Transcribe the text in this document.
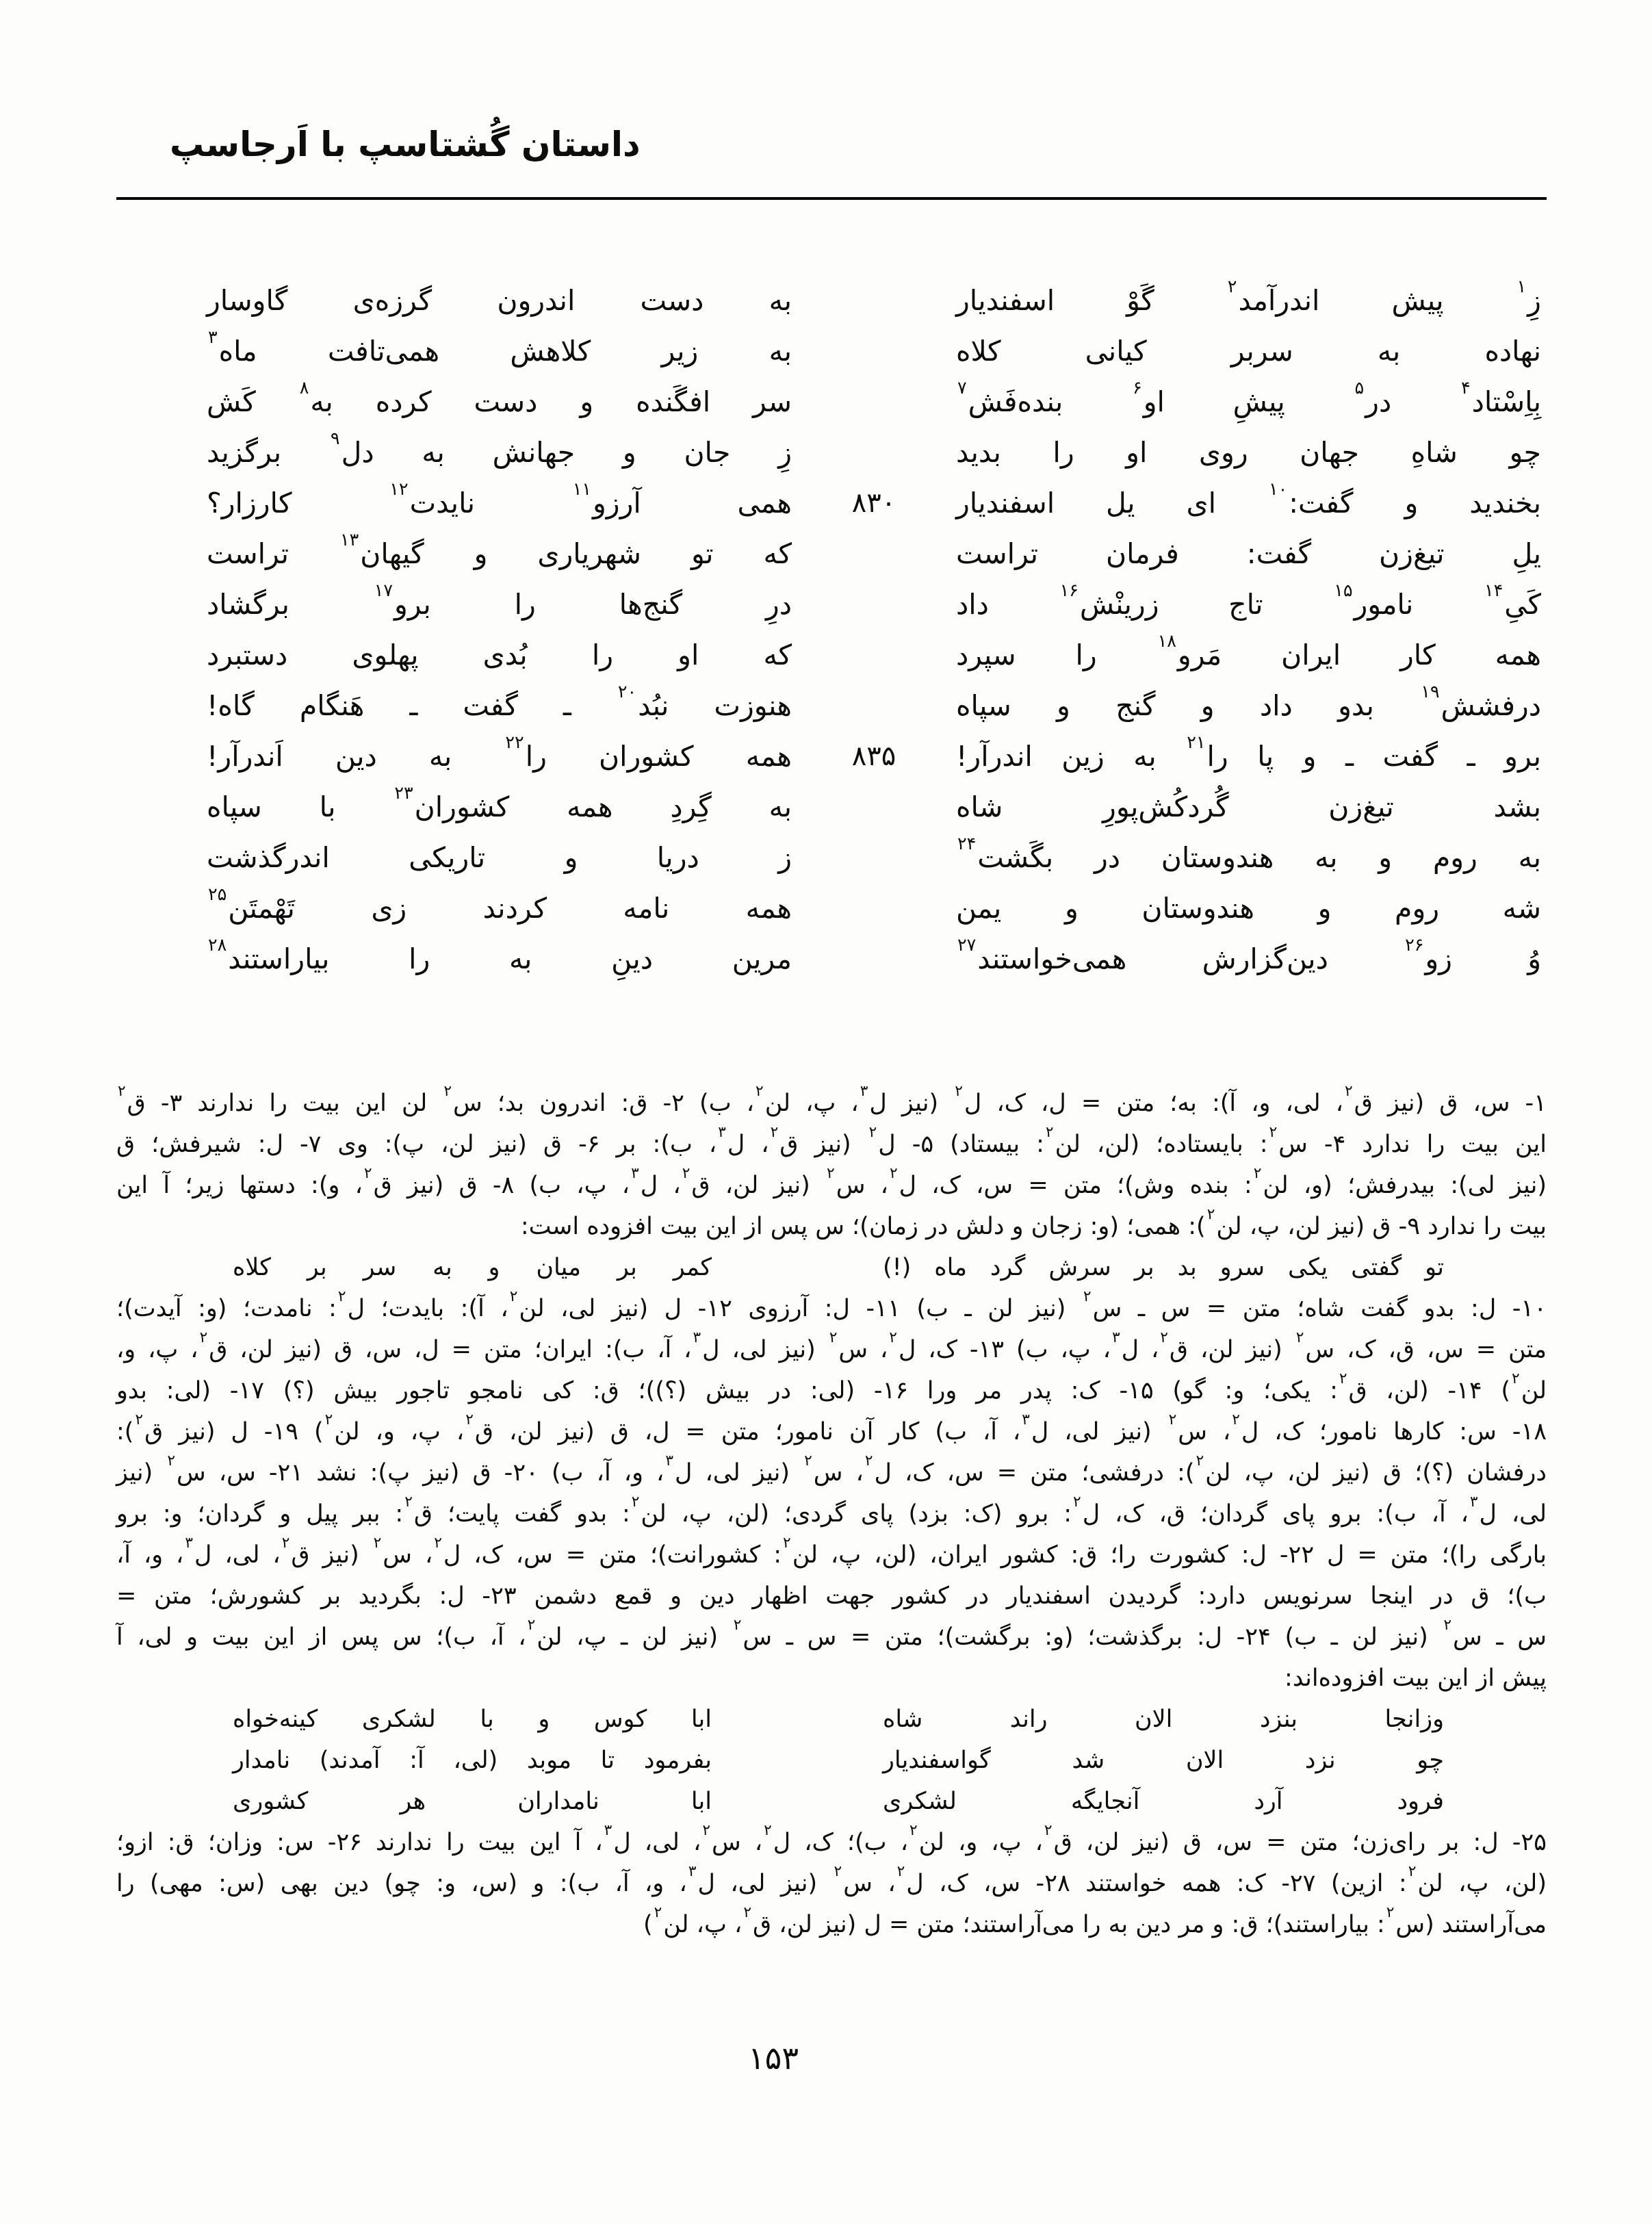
داستان گُشتاسپ با اَرجاسپ
زِ$^۱$ پیش اندرآمد$^۲$ گَوْ اسفندیار
به دست اندرون گرزه‌ی گاوسار
نهاده به سربر کیانی کلاه
به زیر کلاهش همی‌تافت ماه$^۳$
بِاِسْتاد$^۴$ در$^۵$ پیشِ او$^۶$ بنده‌فَش$^۷$
سر افگَنده و دست کرده به$^۸$ کَش
چو شاهِ جهان روی او را بدید
زِ جان و جهانش به دل$^۹$ برگزید
بخندید و گفت:$^{۱۰}$ ای یل اسفندیار
۸۳۰
همی آرزو$^{۱۱}$ نایدت$^{۱۲}$ کارزار؟
یلِ تیغ‌زن گفت: فرمان تراست
که تو شهریاری و گیهان$^{۱۳}$ تراست
کَیِ$^{۱۴}$ نامور$^{۱۵}$ تاج زرینْش$^{۱۶}$ داد
درِ گنج‌ها را برو$^{۱۷}$ برگشاد
همه کار ایران مَرو$^{۱۸}$ را سپرد
که او را بُدی پهلوی دستبرد
درفشش$^{۱۹}$ بدو داد و گنج و سپاه
هنوزت نبُد$^{۲۰}$ ـ گفت ـ هَنگام گاه!
برو ـ گفت ـ و پا را$^{۲۱}$ به زین اندرآر!
۸۳۵
همه کشوران را$^{۲۲}$ به دین اَندرآر!
بشد تیغ‌زن گُردکُش‌پورِ شاه
به گِردِ همه کشوران$^{۲۳}$ با سپاه
به روم و به هندوستان در بگَشت$^{۲۴}$
ز دریا و تاریکی اندرگذشت
شه روم و هندوستان و یمن
همه نامه کردند زی تَهْمتَن$^{۲۵}$
وُ زو$^{۲۶}$ دین‌گزارش همی‌خواستند$^{۲۷}$
مرین دینِ به را بیاراستند$^{۲۸}$
۱- س، ق (نیز ق$^۲$، لی، و، آ): به؛ متن = ل، ک، ل$^۲$ (نیز ل$^۳$، پ، لن$^۲$، ب) ۲- ق: اندرون بد؛ س$^۲$ لن این بیت را ندارند ۳- ق$^۲$
این بیت را ندارد ۴- س$^۲$: بایستاده؛ (لن، لن$^۲$: بیستاد) ۵- ل$^۲$ (نیز ق$^۲$، ل$^۳$، ب): بر ۶- ق (نیز لن، پ): وی ۷- ل: شیرفش؛ ق
(نیز لی): بیدرفش؛ (و، لن$^۲$: بنده وش)؛ متن = س، ک، ل$^۲$، س$^۲$ (نیز لن، ق$^۲$، ل$^۳$، پ، ب) ۸- ق (نیز ق$^۲$، و): دستها زیر؛ آ این
بیت را ندارد ۹- ق (نیز لن، پ، لن$^۲$): همی؛ (و: زجان و دلش در زمان)؛ س پس از این بیت افزوده است:
تو گفتی یکی سرو بد بر سرش گرد ماه (!)
کمر بر میان و به سر بر کلاه
۱۰- ل: بدو گفت شاه؛ متن = س ـ س$^۲$ (نیز لن ـ ب) ۱۱- ل: آرزوی ۱۲- ل (نیز لی، لن$^۲$، آ): بایدت؛ ل$^۲$: نامدت؛ (و: آیدت)؛
متن = س، ق، ک، س$^۲$ (نیز لن، ق$^۲$، ل$^۳$، پ، ب) ۱۳- ک، ل$^۲$، س$^۲$ (نیز لی، ل$^۳$، آ، ب): ایران؛ متن = ل، س، ق (نیز لن، ق$^۲$، پ، و،
لن$^۲$) ۱۴- (لن، ق$^۲$: یکی؛ و: گو) ۱۵- ک: پدر مر ورا ۱۶- (لی: در بیش (؟))؛ ق: کی نامجو تاجور بیش (؟) ۱۷- (لی: بدو
۱۸- س: کارها نامور؛ ک، ل$^۲$، س$^۲$ (نیز لی، ل$^۳$، آ، ب) کار آن نامور؛ متن = ل، ق (نیز لن، ق$^۲$، پ، و، لن$^۲$) ۱۹- ل (نیز ق$^۲$):
درفشان (؟)؛ ق (نیز لن، پ، لن$^۲$): درفشی؛ متن = س، ک، ل$^۲$، س$^۲$ (نیز لی، ل$^۳$، و، آ، ب) ۲۰- ق (نیز پ): نشد ۲۱- س، س$^۲$ (نیز
لی، ل$^۳$، آ، ب): برو پای گردان؛ ق، ک، ل$^۲$: برو (ک: بزد) پای گردی؛ (لن، پ، لن$^۲$: بدو گفت پایت؛ ق$^۲$: ببر پیل و گردان؛ و: برو
بارگی را)؛ متن = ل ۲۲- ل: کشورت را؛ ق: کشور ایران، (لن، پ، لن$^۲$: کشورانت)؛ متن = س، ک، ل$^۲$، س$^۲$ (نیز ق$^۲$، لی، ل$^۳$، و، آ،
ب)؛ ق در اینجا سرنویس دارد: گردیدن اسفندیار در کشور جهت اظهار دین و قمع دشمن ۲۳- ل: بگردید بر کشورش؛ متن =
س ـ س$^۲$ (نیز لن ـ ب) ۲۴- ل: برگذشت؛ (و: برگشت)؛ متن = س ـ س$^۲$ (نیز لن ـ پ، لن$^۲$، آ، ب)؛ س پس از این بیت و لی، آ
پیش از این بیت افزوده‌اند:
وزانجا بنزد الان راند شاه
ابا کوس و با لشکری کینه‌خواه
چو نزد الان شد گواسفندیار
بفرمود تا موبد (لی، آ: آمدند) نامدار
فرود آرد آنجایگه لشکری
ابا نامداران هر کشوری
۲۵- ل: بر رای‌زن؛ متن = س، ق (نیز لن، ق$^۲$، پ، و، لن$^۲$، ب)؛ ک، ل$^۲$، س$^۲$، لی، ل$^۳$، آ این بیت را ندارند ۲۶- س: وزان؛ ق: ازو؛
(لن، پ، لن$^۲$: ازین) ۲۷- ک: همه خواستند ۲۸- س، ک، ل$^۲$، س$^۲$ (نیز لی، ل$^۳$، و، آ، ب): و (س، و: چو) دین بهی (س: مهی) را
می‌آراستند (س$^۲$: بیاراستند)؛ ق: و مر دین به را می‌آراستند؛ متن = ل (نیز لن، ق$^۲$، پ، لن$^۲$)
۱۵۳
